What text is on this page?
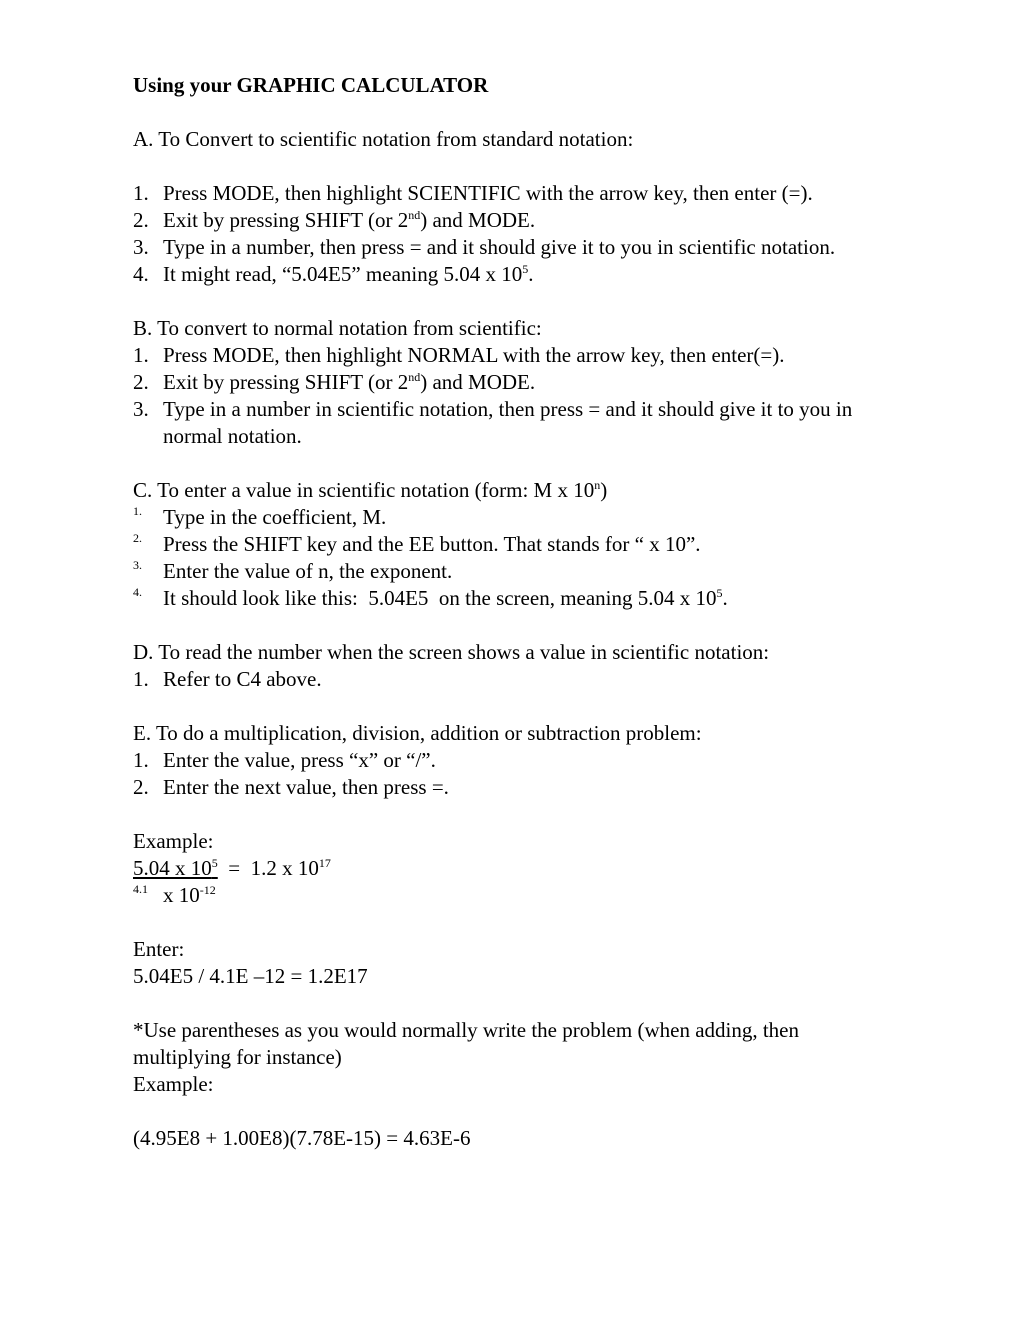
Using your GRAPHIC CALCULATOR
A. To Convert to scientific notation from standard notation:
1. Press MODE, then highlight SCIENTIFIC with the arrow key, then enter (=).
2. Exit by pressing SHIFT (or 2nd) and MODE.
3. Type in a number, then press = and it should give it to you in scientific notation.
4. It might read, “5.04E5” meaning 5.04 x $10^5$.
B. To convert to normal notation from scientific:
1. Press MODE, then highlight NORMAL with the arrow key, then enter(=).
2. Exit by pressing SHIFT (or 2nd) and MODE.
3. Type in a number in scientific notation, then press = and it should give it to you in normal notation.
C. To enter a value in scientific notation (form: M x 10$^n$)
1. Type in the coefficient, M.
2. Press the SHIFT key and the EE button. That stands for “ x 10”.
3. Enter the value of n, the exponent.
4. It should look like this:  5.04E5  on the screen, meaning 5.04 x $10^5$.
D. To read the number when the screen shows a value in scientific notation:
1. Refer to C4 above.
E. To do a multiplication, division, addition or subtraction problem:
1. Enter the value, press “x” or “/”.
2. Enter the next value, then press =.
Example:
5.04 x $10^5 = 1.2$ x $10^{17}$
4.1 x $10^{-12}$
Enter:
5.04E5 / 4.1E –12 = 1.2E17
*Use parentheses as you would normally write the problem (when adding, then multiplying for instance)
Example:
(4.95E8 + 1.00E8)(7.78E-15) = 4.63E-6
